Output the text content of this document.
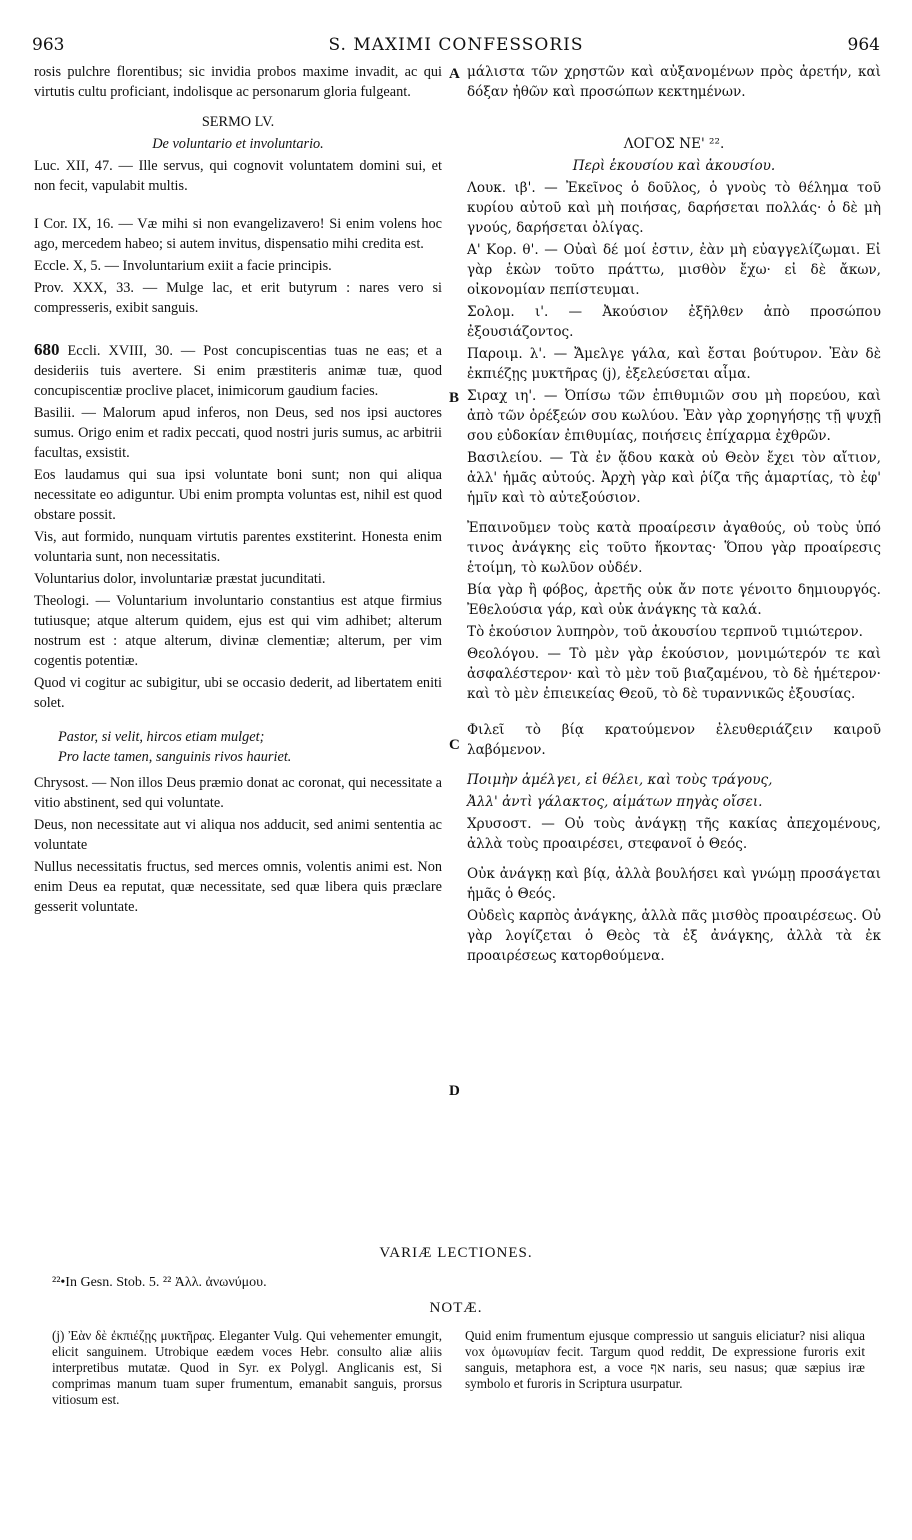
963	S. MAXIMI CONFESSORIS	964
A
B
C
D

rosis pulchre florentibus; sic invidia probos maxime invadit, ac qui virtutis cultu proficiant, indolisque ac personarum gloria fulgeant.

SERMO LV.

De voluntario et involuntario.

Luc. XII, 47. — Ille servus, qui cognovit voluntatem domini sui, et non fecit, vapulabit multis.

I Cor. IX, 16. — Væ mihi si non evangelizavero! Si enim volens hoc ago, mercedem habeo; si autem invitus, dispensatio mihi credita est.

Eccle. X, 5. — Involuntarium exiit a facie principis.

Prov. XXX, 33. — Mulge lac, et erit butyrum : nares vero si compresseris, exibit sanguis.

680 Eccli. XVIII, 30. — Post concupiscentias tuas ne eas; et a desideriis tuis avertere. Si enim præstiteris animæ tuæ, quod concupiscentiæ proclive placet, inimicorum gaudium facies.

Basilii. — Malorum apud inferos, non Deus, sed nos ipsi auctores sumus. Origo enim et radix peccati, quod nostri juris sumus, ac arbitrii facultas, exsistit.

Eos laudamus qui sua ipsi voluntate boni sunt; non qui aliqua necessitate eo adiguntur. Ubi enim prompta voluntas est, nihil est quod obstare possit.

Vis, aut formido, nunquam virtutis parentes exstiterint. Honesta enim voluntaria sunt, non necessitatis.

Voluntarius dolor, involuntariæ præstat jucunditati.

Theologi. — Voluntarium involuntario constantius est atque firmius tutiusque; atque alterum quidem, ejus est qui vim adhibet; alterum nostrum est : atque alterum, divinæ clementiæ; alterum, per vim cogentis potentiæ.

Quod vi cogitur ac subigitur, ubi se occasio dederit, ad libertatem eniti solet.

Pastor, si velit, hircos etiam mulget;

Pro lacte tamen, sanguinis rivos hauriet.

Chrysost. — Non illos Deus præmio donat ac coronat, qui necessitate a vitio abstinent, sed qui voluntate.

Deus, non necessitate aut vi aliqua nos adducit, sed animi sententia ac voluntate

Nullus necessitatis fructus, sed merces omnis, volentis animi est. Non enim Deus ea reputat, quæ necessitate, sed quæ libera quis præclare gesserit voluntate.

μάλιστα τῶν χρηστῶν καὶ αὐξανομένων πρὸς ἀρετήν, καὶ δόξαν ἠθῶν καὶ προσώπων κεκτημένων.

ΛΟΓΟΣ ΝΕ' ²².

Περὶ ἑκουσίου καὶ ἀκουσίου.

Λουκ. ιβ'. — Ἐκεῖνος ὁ δοῦλος, ὁ γνοὺς τὸ θέλημα τοῦ κυρίου αὐτοῦ καὶ μὴ ποιήσας, δαρήσεται πολλάς· ὁ δὲ μὴ γνούς, δαρήσεται ὀλίγας.

Α' Κορ. θ'. — Οὐαὶ δέ μοί ἐστιν, ἐὰν μὴ εὐαγγελίζωμαι. Εἰ γὰρ ἑκὼν τοῦτο πράττω, μισθὸν ἔχω· εἰ δὲ ἄκων, οἰκονομίαν πεπίστευμαι.

Σολομ. ι'. — Ἀκούσιον ἐξῆλθεν ἀπὸ προσώπου ἐξουσιάζοντος.

Παροιμ. λ'. — Ἄμελγε γάλα, καὶ ἔσται βούτυρον. Ἐὰν δὲ ἐκπιέζῃς μυκτῆρας (j), ἐξελεύσεται αἷμα.

Σιραχ ιη'. — Ὀπίσω τῶν ἐπιθυμιῶν σου μὴ πορεύου, καὶ ἀπὸ τῶν ὀρέξεών σου κωλύου. Ἐὰν γὰρ χορηγήσῃς τῇ ψυχῇ σου εὐδοκίαν ἐπιθυμίας, ποιήσεις ἐπίχαρμα ἐχθρῶν.

Βασιλείου. — Τὰ ἐν ᾅδου κακὰ οὐ Θεὸν ἔχει τὸν αἴτιον, ἀλλ' ἡμᾶς αὐτούς. Ἀρχὴ γὰρ καὶ ῥίζα τῆς ἁμαρτίας, τὸ ἐφ' ἡμῖν καὶ τὸ αὐτεξούσιον.

Ἐπαινοῦμεν τοὺς κατὰ προαίρεσιν ἀγαθούς, οὐ τοὺς ὑπό τινος ἀνάγκης εἰς τοῦτο ἥκοντας· Ὅπου γὰρ προαίρεσις ἑτοίμη, τὸ κωλῦον οὐδέν.

Βία γὰρ ἢ φόβος, ἀρετῆς οὐκ ἄν ποτε γένοιτο δημιουργός. Ἐθελούσια γάρ, καὶ οὐκ ἀνάγκης τὰ καλά.

Τὸ ἑκούσιον λυπηρὸν, τοῦ ἀκουσίου τερπνοῦ τιμιώτερον.

Θεολόγου. — Τὸ μὲν γὰρ ἑκούσιον, μονιμώτερόν τε καὶ ἀσφαλέστερον· καὶ τὸ μὲν τοῦ βιαζαμένου, τὸ δὲ ἡμέτερον· καὶ τὸ μὲν ἐπιεικείας Θεοῦ, τὸ δὲ τυραννικῶς ἐξουσίας.

Φιλεῖ τὸ βίᾳ κρατούμενον ἐλευθεριάζειν καιροῦ λαβόμενον.

Ποιμὴν ἀμέλγει, εἰ θέλει, καὶ τοὺς τράγους,

Ἀλλ' ἀντὶ γάλακτος, αἱμάτων πηγὰς οἴσει.

Χρυσοστ. — Οὐ τοὺς ἀνάγκῃ τῆς κακίας ἀπεχομένους, ἀλλὰ τοὺς προαιρέσει, στεφανοῖ ὁ Θεός.

Οὐκ ἀνάγκῃ καὶ βίᾳ, ἀλλὰ βουλήσει καὶ γνώμῃ προσάγεται ἡμᾶς ὁ Θεός.

Οὐδεὶς καρπὸς ἀνάγκης, ἀλλὰ πᾶς μισθὸς προαιρέσεως. Οὐ γὰρ λογίζεται ὁ Θεὸς τὰ ἐξ ἀνάγκης, ἀλλὰ τὰ ἐκ προαιρέσεως κατορθούμενα.

VARIÆ LECTIONES.
²²•In Gesn. Stob. 5. ²² Ἀλλ. ἀνωνύμου.
NOTÆ.
(j) Ἐὰν δὲ ἐκπιέζῃς μυκτῆρας. Eleganter Vulg. Qui vehementer emungit, elicit sanguinem. Utrobique eædem voces Hebr. consulto aliæ aliis interpretibus mutatæ. Quod in Syr. ex Polygl. Anglicanis est, Si comprimas manum tuam super frumentum, emanabit sanguis, prorsus vitiosum est.
Quid enim frumentum ejusque compressio ut sanguis eliciatur? nisi aliqua vox ὁμωνυμίαν fecit. Targum quod reddit, De expressione furoris exit sanguis, metaphora est, a voce אף naris, seu nasus; quæ sæpius iræ symbolo et furoris in Scriptura usurpatur.
